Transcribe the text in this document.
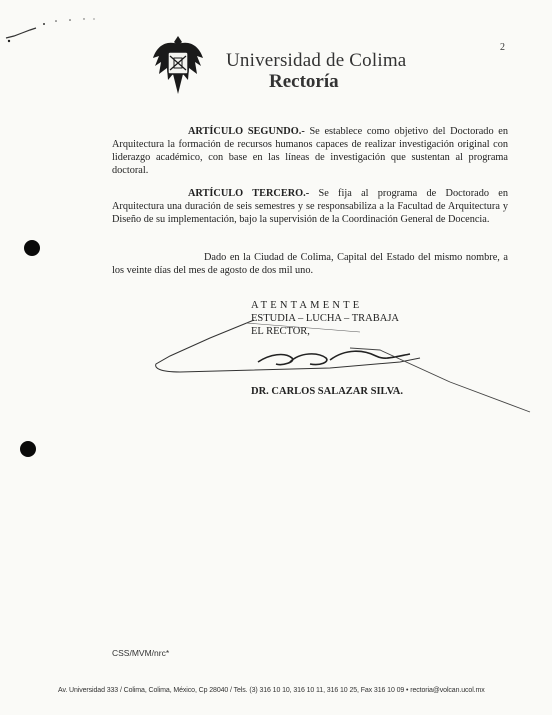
Universidad de Colima
Rectoría
2

ARTÍCULO SEGUNDO.- Se establece como objetivo del Doctorado en Arquitectura la formación de recursos humanos capaces de realizar investigación original con liderazgo académico, con base en las líneas de investigación que sustentan al programa doctoral.

ARTÍCULO TERCERO.- Se fija al programa de Doctorado en Arquitectura una duración de seis semestres y se responsabiliza a la Facultad de Arquitectura y Diseño de su implementación, bajo la supervisión de la Coordinación General de Docencia.

Dado en la Ciudad de Colima, Capital del Estado del mismo nombre, a los veinte días del mes de agosto de dos mil uno.

ATENTAMENTE
ESTUDIA – LUCHA – TRABAJA
EL RECTOR,
DR. CARLOS SALAZAR SILVA.
CSS/MVM/nrc*
Av. Universidad 333 / Colima, Colima, México, Cp 28040 / Tels. (3) 316 10 10, 316 10 11, 316 10 25, Fax 316 10 09 • rectoria@volcan.ucol.mx
